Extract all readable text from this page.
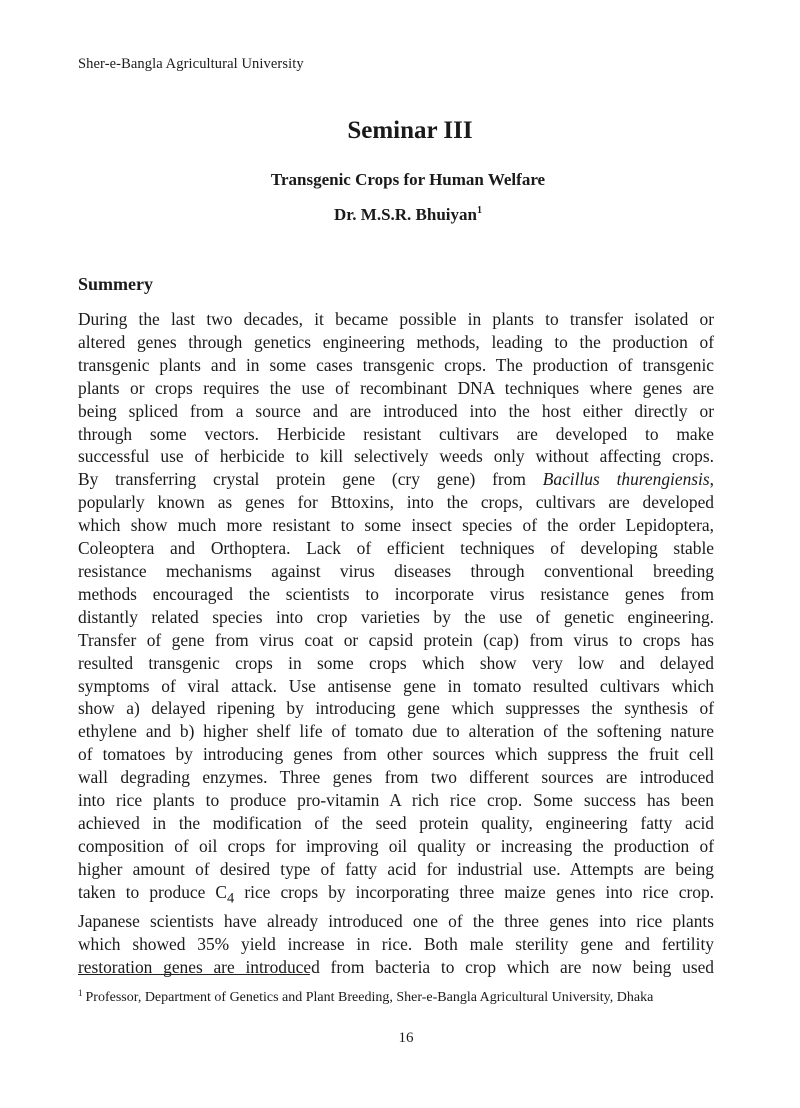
Sher-e-Bangla Agricultural University
Seminar III
Transgenic Crops for Human Welfare
Dr. M.S.R. Bhuiyan$^1$
Summery
During the last two decades, it became possible in plants to transfer isolated or
altered genes through genetics engineering methods, leading to the production of
transgenic plants and in some cases transgenic crops. The production of transgenic
plants or crops requires the use of recombinant DNA techniques where genes are
being spliced from a source and are introduced into the host either directly or
through some vectors. Herbicide resistant cultivars are developed to make
successful use of herbicide to kill selectively weeds only without affecting crops.
By transferring crystal protein gene (cry gene) from Bacillus thurengiensis,
popularly known as genes for Bttoxins, into the crops, cultivars are developed
which show much more resistant to some insect species of the order Lepidoptera,
Coleoptera and Orthoptera. Lack of efficient techniques of developing stable
resistance mechanisms against virus diseases through conventional breeding
methods encouraged the scientists to incorporate virus resistance genes from
distantly related species into crop varieties by the use of genetic engineering.
Transfer of gene from virus coat or capsid protein (cap) from virus to crops has
resulted transgenic crops in some crops which show very low and delayed
symptoms of viral attack. Use antisense gene in tomato resulted cultivars which
show a) delayed ripening by introducing gene which suppresses the synthesis of
ethylene and b) higher shelf life of tomato due to alteration of the softening nature
of tomatoes by introducing genes from other sources which suppress the fruit cell
wall degrading enzymes. Three genes from two different sources are introduced
into rice plants to produce pro-vitamin A rich rice crop. Some success has been
achieved in the modification of the seed protein quality, engineering fatty acid
composition of oil crops for improving oil quality or increasing the production of
higher amount of desired type of fatty acid for industrial use. Attempts are being
taken to produce $C_4$ rice crops by incorporating three maize genes into rice crop.
Japanese scientists have already introduced one of the three genes into rice plants
which showed 35% yield increase in rice. Both male sterility gene and fertility
restoration genes are introduced from bacteria to crop which are now being used
$^1$ Professor, Department of Genetics and Plant Breeding, Sher-e-Bangla Agricultural University, Dhaka
16
